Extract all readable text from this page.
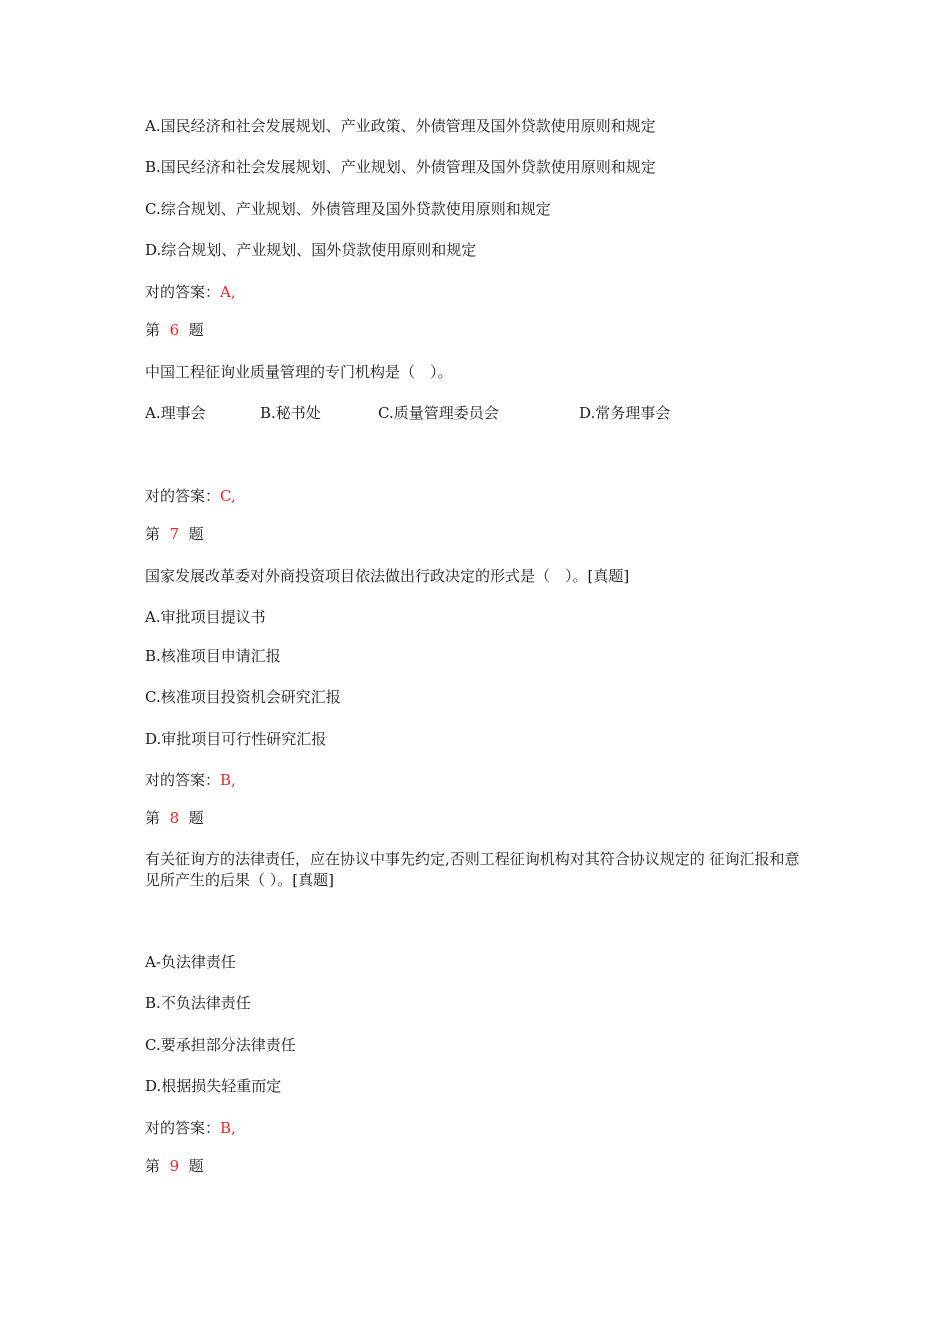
A.国民经济和社会发展规划、产业政策、外债管理及国外贷款使用原则和规定
B.国民经济和社会发展规划、产业规划、外债管理及国外贷款使用原则和规定
C.综合规划、产业规划、外债管理及国外贷款使用原则和规定
D.综合规划、产业规划、国外贷款使用原则和规定
对的答案：A,
第 6 题
中国工程征询业质量管理的专门机构是（　）。
A.理事会	B.秘书处	C.质量管理委员会	D.常务理事会
对的答案：C,
第 7 题
国家发展改革委对外商投资项目依法做出行政决定的形式是（　）。[真题]
A.审批项目提议书
B.核准项目申请汇报
C.核准项目投资机会研究汇报
D.审批项目可行性研究汇报
对的答案：B,
第 8 题
有关征询方的法律责任，应在协议中事先约定,否则工程征询机构对其符合协议规定的 征询汇报和意见所产生的后果（ ）。[真题]
A-负法律责任
B.不负法律责任
C.要承担部分法律责任
D.根据损失轻重而定
对的答案：B,
第 9 题
